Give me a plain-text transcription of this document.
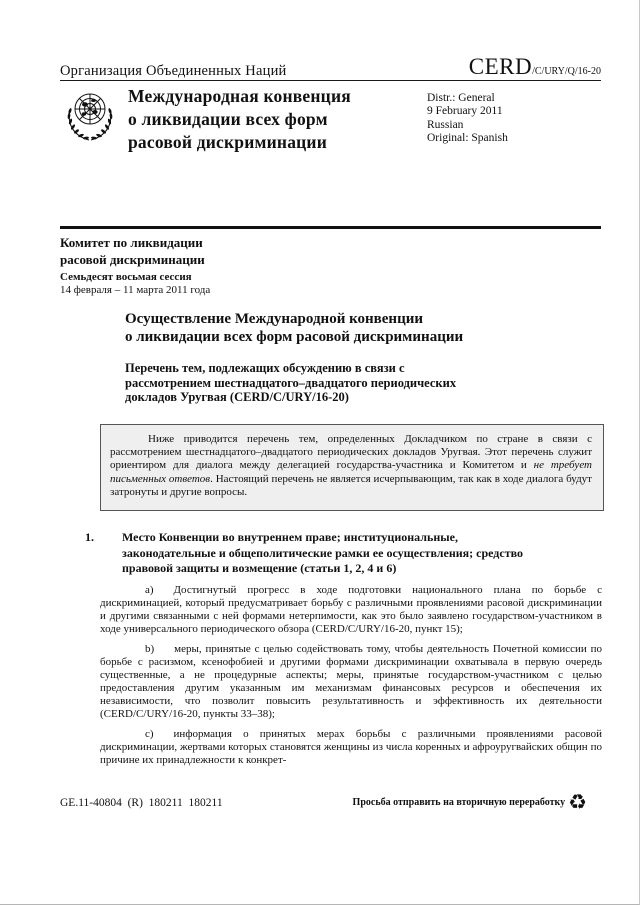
Организация Объединенных Наций	CERD/C/URY/Q/16-20
Международная конвенция
о ликвидации всех форм
расовой дискриминации
Distr.: General
9 February 2011
Russian
Original: Spanish
Комитет по ликвидации
расовой дискриминации
Семьдесят восьмая сессия
14 февраля – 11 марта 2011 года
Осуществление Международной конвенции
о ликвидации всех форм расовой дискриминации
Перечень тем, подлежащих обсуждению в связи с
рассмотрением шестнадцатого–двадцатого периодических
докладов Уругвая (CERD/C/URY/16-20)

Ниже приводится перечень тем, определенных Докладчиком по стране в связи с рассмотрением шестнадцатого–двадцатого периодических докладов Уругвая. Этот перечень служит ориентиром для диалога между делегацией государства-участника и Комитетом и не требует письменных ответов. Настоящий перечень не является исчерпывающим, так как в ходе диалога будут затронуты и другие вопросы.

1.	Место Конвенции во внутреннем праве; институциональные,
законодательные и общеполитические рамки ее осуществления; средство
правовой защиты и возмещение (статьи 1, 2, 4 и 6)

a) Достигнутый прогресс в ходе подготовки национального плана по борьбе с дискриминацией, который предусматривает борьбу с различными проявлениями расовой дискриминации и другими связанными с ней формами нетерпимости, как это было заявлено государством-участником в ходе универсального периодического обзора (CERD/C/URY/16-20, пункт 15);

b) меры, принятые с целью содействовать тому, чтобы деятельность Почетной комиссии по борьбе с расизмом, ксенофобией и другими формами дискриминации охватывала в первую очередь существенные, а не процедурные аспекты; меры, принятые государством-участником с целью предоставления другим указанным им механизмам финансовых ресурсов и обеспечения их независимости, что позволит повысить результативность и эффективность их деятельности (CERD/C/URY/16-20, пункты 33–38);

c) информация о принятых мерах борьбы с различными проявлениями расовой дискриминации, жертвами которых становятся женщины из числа коренных и афроуругвайских общин по причине их принадлежности к конкрет-

GE.11-40804  (R)  180211  180211	Просьба отправить на вторичную переработку ♻
